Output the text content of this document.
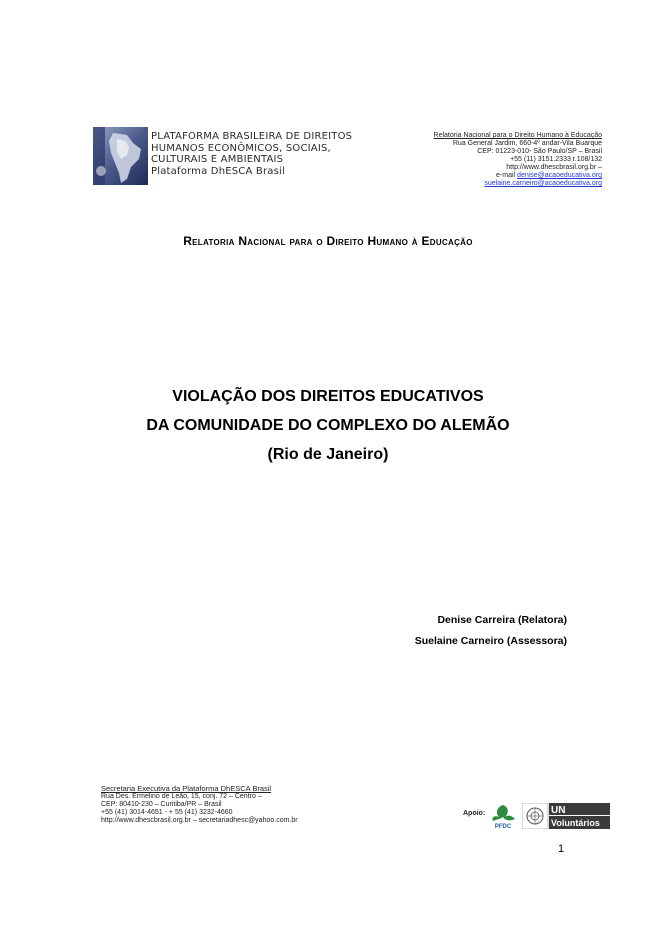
PLATAFORMA BRASILEIRA DE DIREITOS
HUMANOS ECONÔMICOS, SOCIAIS,
CULTURAIS E AMBIENTAIS
Plataforma DhESCA Brasil
Relatoria Nacional para o Direito Humano à Educação
Rua General Jardim, 660-4º andar-Vila Buarque
CEP: 01223-010- São Paulo/SP – Brasil
+55 (11) 3151.2333 r.108/132
http://www.dhescbrasil.org.br –
e-mail denise@acaoeducativa.org
suelaine.carneiro@acaoeducativa.org
Relatoria Nacional para o Direito Humano à Educação
VIOLAÇÃO DOS DIREITOS EDUCATIVOS
DA COMUNIDADE DO COMPLEXO DO ALEMÃO
(Rio de Janeiro)
Denise Carreira (Relatora)
Suelaine Carneiro (Assessora)
Secretaria Executiva da Plataforma DhESCA Brasil
Rua Des. Ermelino de Leão, 15, conj. 72 – Centro –
CEP: 80410-230 – Curitiba/PR – Brasil
+55 (41) 3014-4651 - + 55 (41) 3232-4660
http://www.dhescbrasil.org.br – secretariadhesc@yahoo.com.br
Apoio:
PFDC
UN
Voluntários
1
